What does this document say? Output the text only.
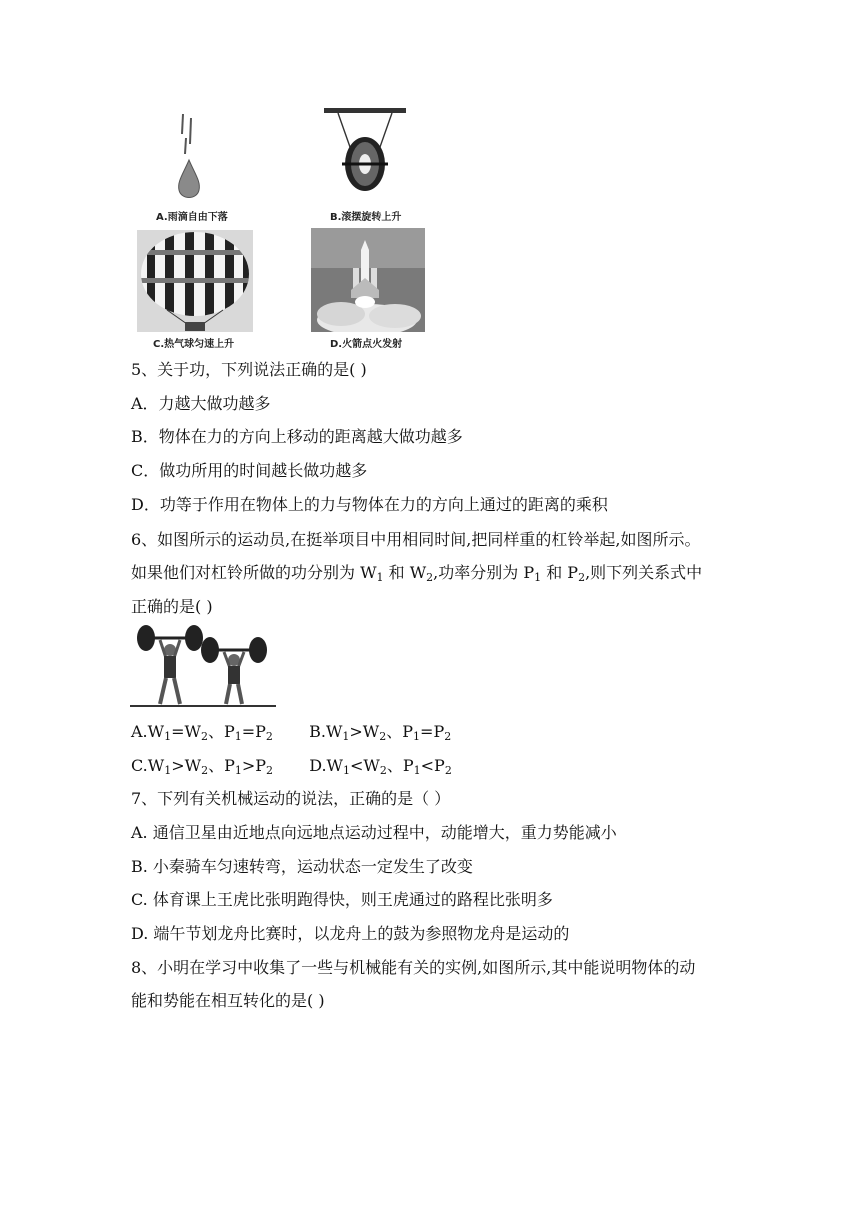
A.雨滴自由下落	B.滚摆旋转上升
C.热气球匀速上升	D.火箭点火发射
5、关于功，下列说法正确的是( )
A．力越大做功越多
B．物体在力的方向上移动的距离越大做功越多
C．做功所用的时间越长做功越多
D．功等于作用在物体上的力与物体在力的方向上通过的距离的乘积
6、如图所示的运动员,在挺举项目中用相同时间,把同样重的杠铃举起,如图所示。
如果他们对杠铃所做的功分别为 $W_1$ 和 $W_2$,功率分别为 $P_1$ 和 $P_2$,则下列关系式中
正确的是( )
$A.W_1=W_2$、$P_1=P_2$ $B.W_1>W_2$、$P_1=P_2$
$C.W_1>W_2$、$P_1>P_2$ $D.W_1<W_2$、$P_1<P_2$
7、下列有关机械运动的说法，正确的是（ ）
A. 通信卫星由近地点向远地点运动过程中，动能增大，重力势能减小
B. 小秦骑车匀速转弯，运动状态一定发生了改变
C. 体育课上王虎比张明跑得快，则王虎通过的路程比张明多
D. 端午节划龙舟比赛时，以龙舟上的鼓为参照物龙舟是运动的
8、小明在学习中收集了一些与机械能有关的实例,如图所示,其中能说明物体的动
能和势能在相互转化的是( )
